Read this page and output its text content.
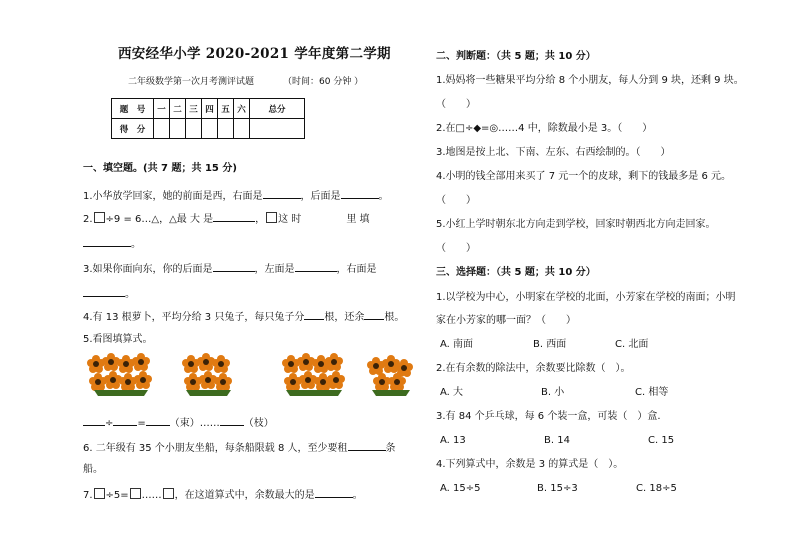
西安经华小学 2020-2021 学年度第二学期
二年级数学第一次月考测评试题	（时间：60 分钟 ）
题　号	一	二	三	四	五	六	总分
得　分							
一、填空题。(共 7 题；共 15 分)
1.小华放学回家，她的前面是西，右面是	，后面是	。
2. ÷9 = 6…△，△最 大 是	， 这 时	里 填
。
3.如果你面向东，你的后面是	，左面是	，右面是
。
4.有 13 根萝卜，平均分给 3 只兔子，每只兔子分 根，还余 根。
5.看图填算式。
÷ = （束）…… （枝）
6. 二年级有 35 个小朋友坐船，每条船限载 8 人，至少要租	条
船。
7. ÷5= …… ，在这道算式中，余数最大的是	。
二、判断题：（共 5 题；共 10 分）
1.妈妈将一些糖果平均分给 8 个小朋友，每人分到 9 块，还剩 9 块。
（　　）
2.在□÷◆=◎……4 中，除数最小是 3。（　　）
3.地图是按上北、下南、左东、右西绘制的。（　　）
4.小明的钱全部用来买了 7 元一个的皮球，剩下的钱最多是 6 元。
（　　）
5.小红上学时朝东北方向走到学校，回家时朝西北方向走回家。
（　　）
三、选择题：（共 5 题；共 10 分）
1.以学校为中心，小明家在学校的北面，小芳家在学校的南面；小明
家在小芳家的哪一面？（　　）
A. 南面	B. 西面	C. 北面
2.在有余数的除法中，余数要比除数（　）。
A. 大	B. 小	C. 相等
3.有 84 个乒乓球，每 6 个装一盒，可装（　）盒.
A. 13	B. 14	C. 15
4.下列算式中，余数是 3 的算式是（　）。
A. 15÷5	B. 15÷3	C. 18÷5
